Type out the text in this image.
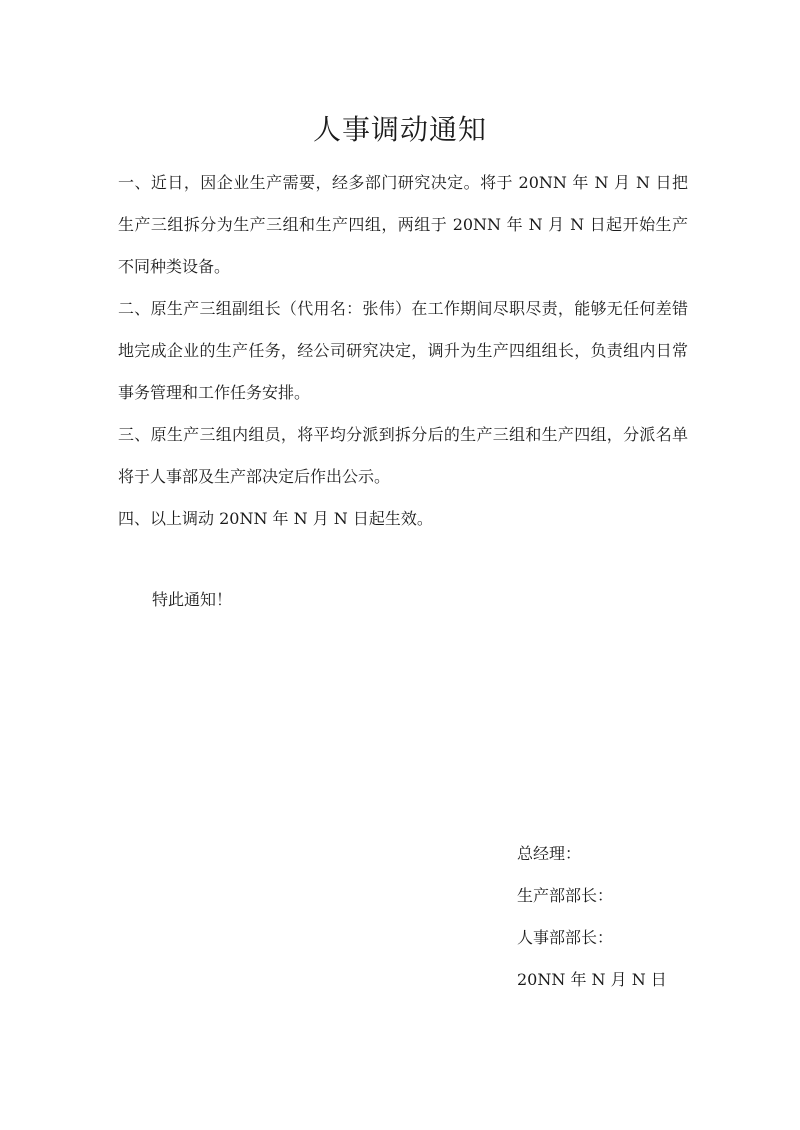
人事调动通知

一、近日，因企业生产需要，经多部门研究决定。将于 20NN 年 N 月 N 日把生产三组拆分为生产三组和生产四组，两组于 20NN 年 N 月 N 日起开始生产不同种类设备。

二、原生产三组副组长（代用名：张伟）在工作期间尽职尽责，能够无任何差错地完成企业的生产任务，经公司研究决定，调升为生产四组组长，负责组内日常事务管理和工作任务安排。

三、原生产三组内组员，将平均分派到拆分后的生产三组和生产四组，分派名单将于人事部及生产部决定后作出公示。

四、以上调动 20NN 年 N 月 N 日起生效。

特此通知！
总经理：
生产部部长：
人事部部长：
20NN 年 N 月 N 日
